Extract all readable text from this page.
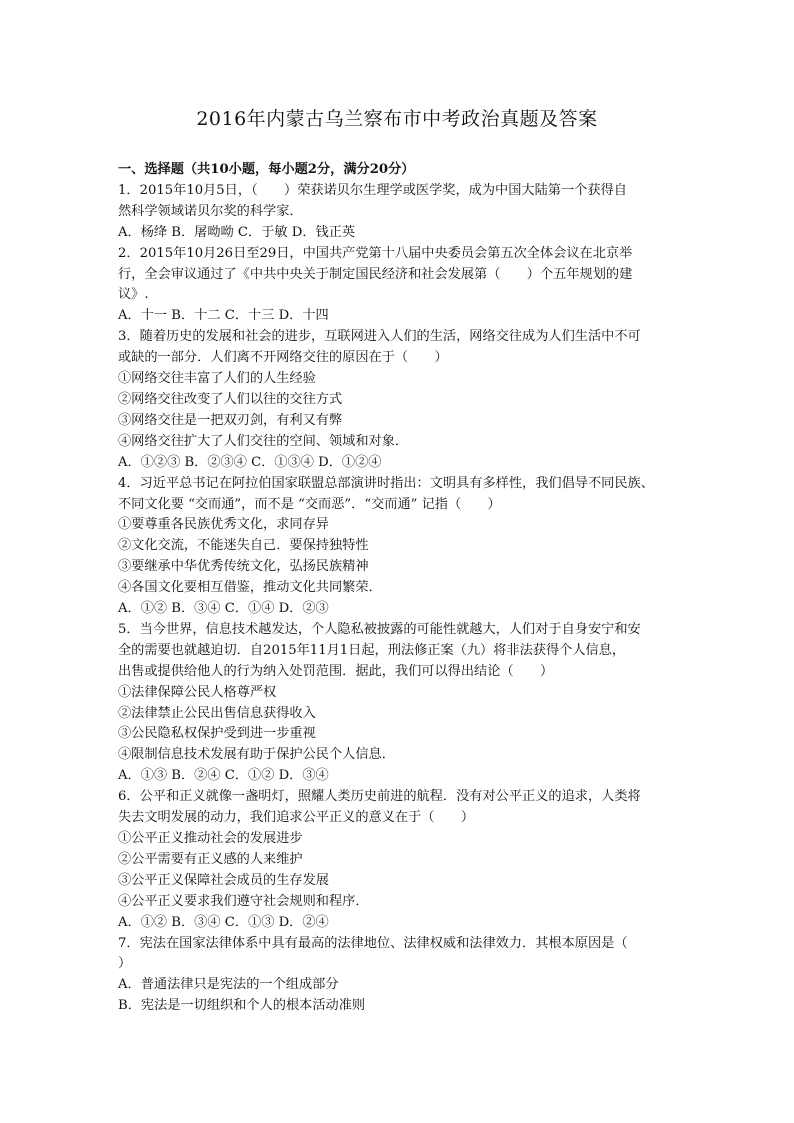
2016年内蒙古乌兰察布市中考政治真题及答案
一、选择题（共10小题，每小题2分，满分20分）
1．2015年10月5日，（　　）荣获诺贝尔生理学或医学奖，成为中国大陆第一个获得自
然科学领域诺贝尔奖的科学家．
A．杨绛 B．屠呦呦 C．于敏 D．钱正英
2．2015年10月26日至29日，中国共产党第十八届中央委员会第五次全体会议在北京举
行，全会审议通过了《中共中央关于制定国民经济和社会发展第（　　）个五年规划的建
议》.
A．十一 B．十二 C．十三 D．十四
3．随着历史的发展和社会的进步，互联网进入人们的生活，网络交往成为人们生活中不可
或缺的一部分．人们离不开网络交往的原因在于（　　）
①网络交往丰富了人们的人生经验
②网络交往改变了人们以往的交往方式
③网络交往是一把双刃剑，有利又有弊
④网络交往扩大了人们交往的空间、领域和对象．
A．①②③ B．②③④ C．①③④ D．①②④
4．习近平总书记在阿拉伯国家联盟总部演讲时指出：文明具有多样性，我们倡导不同民族、
不同文化要 “交而通”，而不是 “交而恶”．“交而通” 记指（　　）
①要尊重各民族优秀文化，求同存异
②文化交流，不能迷失自己．要保持独特性
③要继承中华优秀传统文化，弘扬民族精神
④各国文化要相互借鉴，推动文化共同繁荣．
A．①② B．③④ C．①④ D．②③
5．当今世界，信息技术越发达，个人隐私被披露的可能性就越大，人们对于自身安宁和安
全的需要也就越迫切．自2015年11月1日起，刑法修正案（九）将非法获得个人信息，
出售或提供给他人的行为纳入处罚范围．据此，我们可以得出结论（　　）
①法律保障公民人格尊严权
②法律禁止公民出售信息获得收入
③公民隐私权保护受到进一步重视
④限制信息技术发展有助于保护公民个人信息．
A．①③ B．②④ C．①② D．③④
6．公平和正义就像一盏明灯，照耀人类历史前进的航程．没有对公平正义的追求，人类将
失去文明发展的动力，我们追求公平正义的意义在于（　　）
①公平正义推动社会的发展进步
②公平需要有正义感的人来维护
③公平正义保障社会成员的生存发展
④公平正义要求我们遵守社会规则和程序．
A．①② B．③④ C．①③ D．②④
7．宪法在国家法律体系中具有最高的法律地位、法律权威和法律效力．其根本原因是（
）
A．普通法律只是宪法的一个组成部分
B．宪法是一切组织和个人的根本活动准则
